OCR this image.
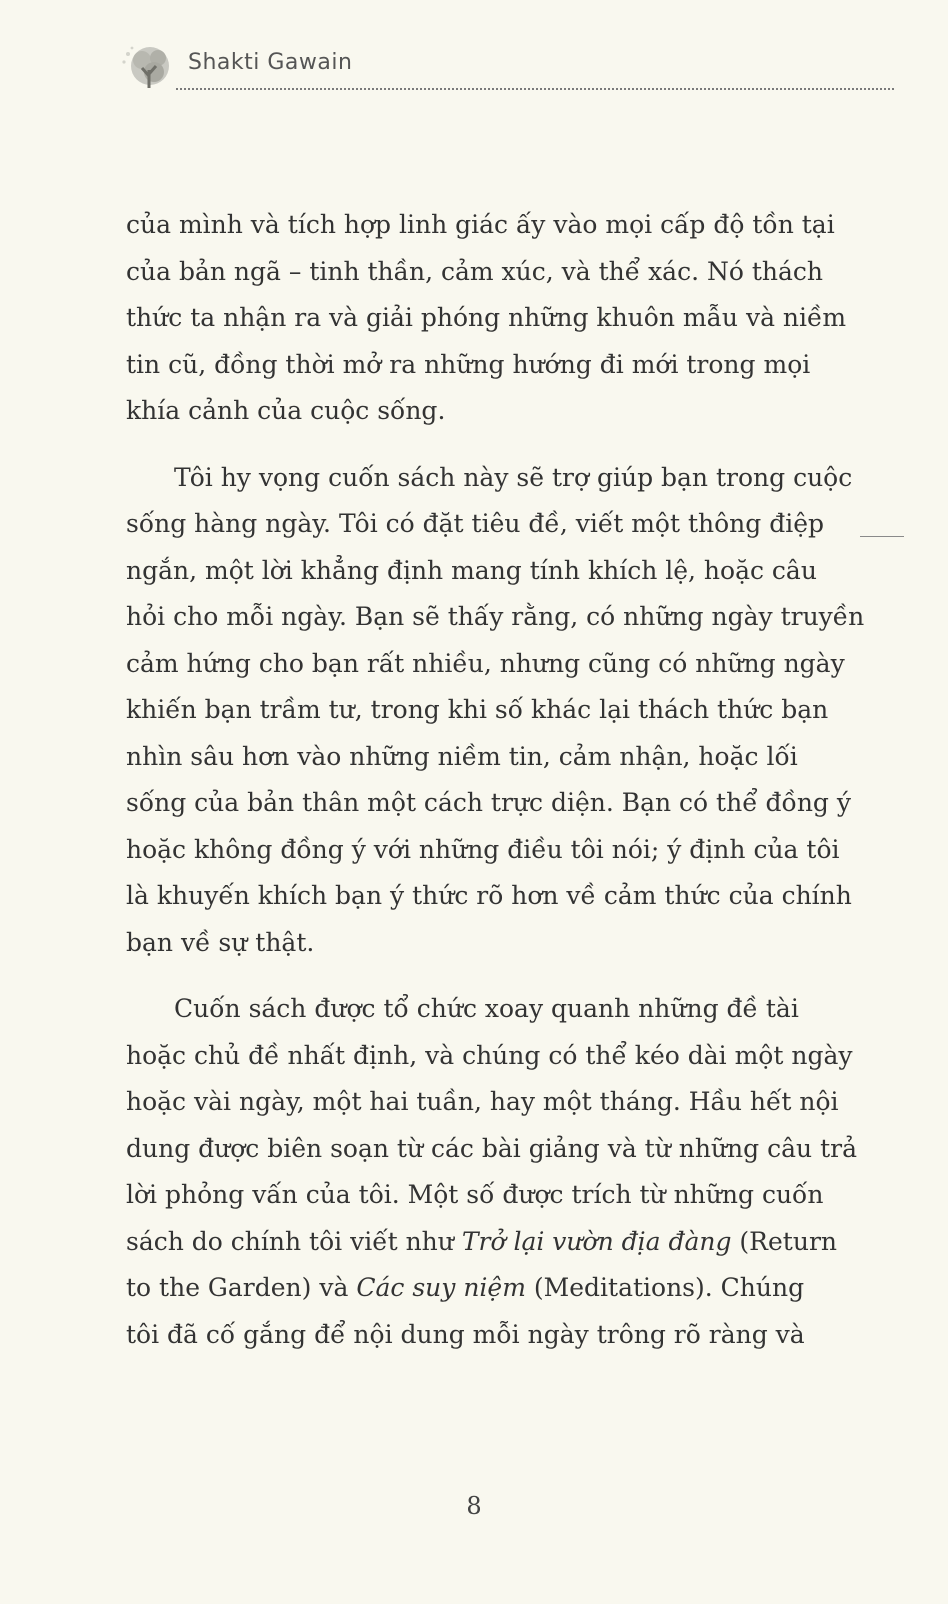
Shakti Gawain

của mình và tích hợp linh giác ấy vào mọi cấp độ tồn tại
của bản ngã – tinh thần, cảm xúc, và thể xác. Nó thách
thức ta nhận ra và giải phóng những khuôn mẫu và niềm
tin cũ, đồng thời mở ra những hướng đi mới trong mọi
khía cảnh của cuộc sống.

Tôi hy vọng cuốn sách này sẽ trợ giúp bạn trong cuộc
sống hàng ngày. Tôi có đặt tiêu đề, viết một thông điệp
ngắn, một lời khẳng định mang tính khích lệ, hoặc câu
hỏi cho mỗi ngày. Bạn sẽ thấy rằng, có những ngày truyền
cảm hứng cho bạn rất nhiều, nhưng cũng có những ngày
khiến bạn trầm tư, trong khi số khác lại thách thức bạn
nhìn sâu hơn vào những niềm tin, cảm nhận, hoặc lối
sống của bản thân một cách trực diện. Bạn có thể đồng ý
hoặc không đồng ý với những điều tôi nói; ý định của tôi
là khuyến khích bạn ý thức rõ hơn về cảm thức của chính
bạn về sự thật.

Cuốn sách được tổ chức xoay quanh những đề tài
hoặc chủ đề nhất định, và chúng có thể kéo dài một ngày
hoặc vài ngày, một hai tuần, hay một tháng. Hầu hết nội
dung được biên soạn từ các bài giảng và từ những câu trả
lời phỏng vấn của tôi. Một số được trích từ những cuốn
sách do chính tôi viết như Trở lại vườn địa đàng (Return
to the Garden) và Các suy niệm (Meditations). Chúng
tôi đã cố gắng để nội dung mỗi ngày trông rõ ràng và

8
